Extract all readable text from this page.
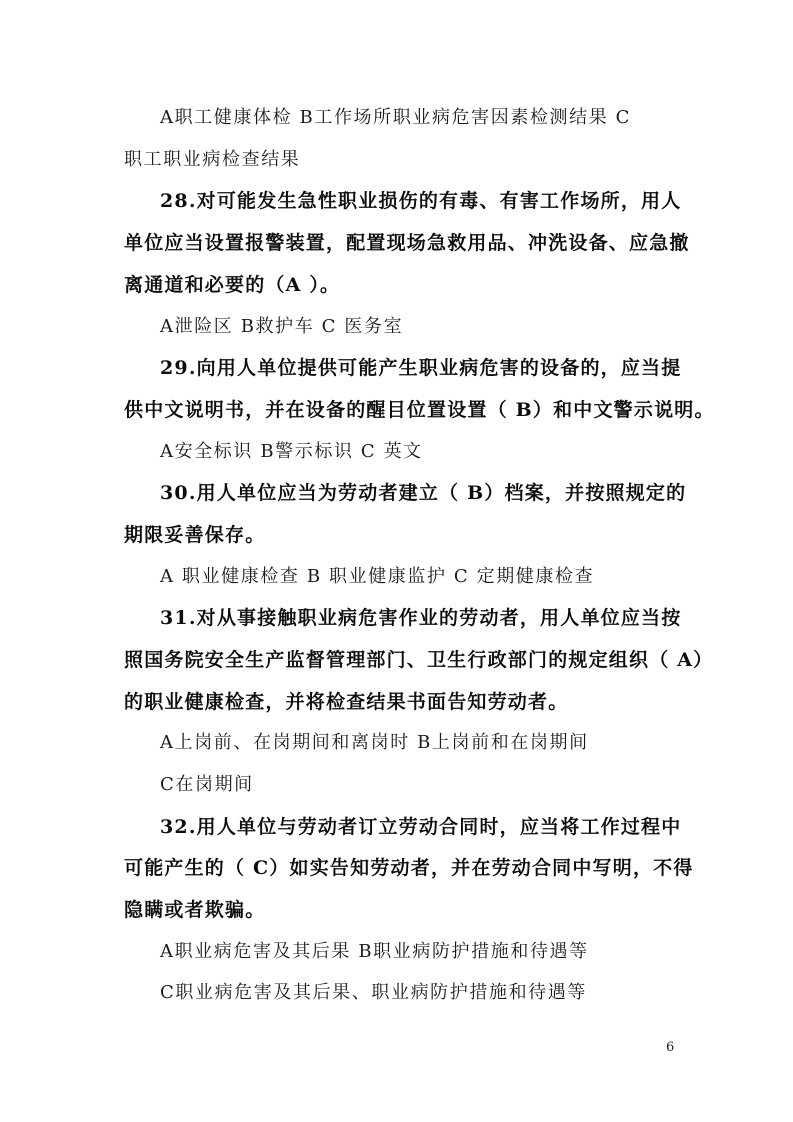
A职工健康体检 B工作场所职业病危害因素检测结果 C
职工职业病检查结果
28.对可能发生急性职业损伤的有毒、有害工作场所，用人
单位应当设置报警装置，配置现场急救用品、冲洗设备、应急撤
离通道和必要的（A ）。
A泄险区 B救护车 C 医务室
29.向用人单位提供可能产生职业病危害的设备的，应当提
供中文说明书，并在设备的醒目位置设置（ B）和中文警示说明。
A安全标识 B警示标识 C 英文
30.用人单位应当为劳动者建立（ B）档案，并按照规定的
期限妥善保存。
A 职业健康检查 B 职业健康监护 C 定期健康检查
31.对从事接触职业病危害作业的劳动者，用人单位应当按
照国务院安全生产监督管理部门、卫生行政部门的规定组织（ A）
的职业健康检查，并将检查结果书面告知劳动者。
A上岗前、在岗期间和离岗时 B上岗前和在岗期间
C在岗期间
32.用人单位与劳动者订立劳动合同时，应当将工作过程中
可能产生的（ C）如实告知劳动者，并在劳动合同中写明，不得
隐瞒或者欺骗。
A职业病危害及其后果 B职业病防护措施和待遇等
C职业病危害及其后果、职业病防护措施和待遇等
6
